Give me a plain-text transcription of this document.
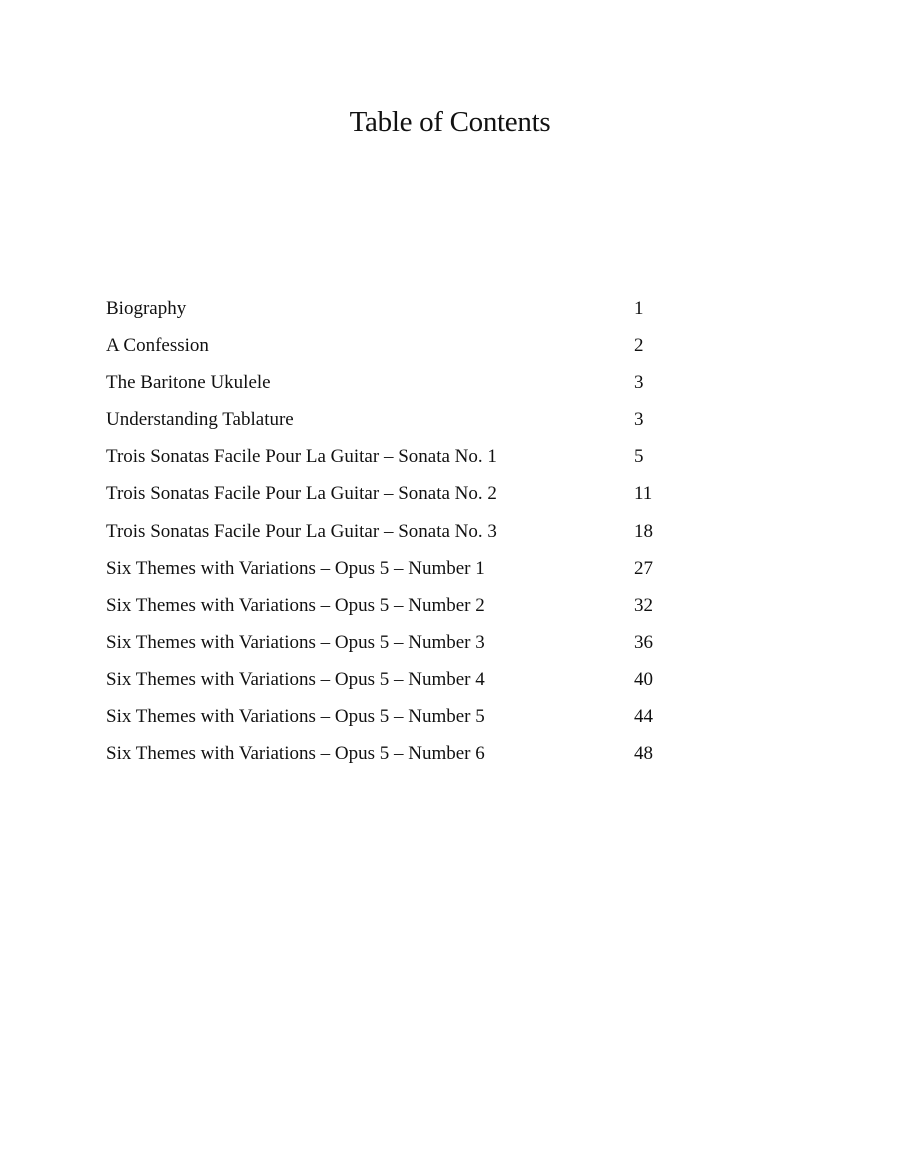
Table of Contents
Biography	1
A Confession	2
The Baritone Ukulele	3
Understanding Tablature	3
Trois Sonatas Facile Pour La Guitar – Sonata No. 1	5
Trois Sonatas Facile Pour La Guitar – Sonata No. 2	11
Trois Sonatas Facile Pour La Guitar – Sonata No. 3	18
Six Themes with Variations – Opus 5 – Number 1	27
Six Themes with Variations – Opus 5 – Number 2	32
Six Themes with Variations – Opus 5 – Number 3	36
Six Themes with Variations – Opus 5 – Number 4	40
Six Themes with Variations – Opus 5 – Number 5	44
Six Themes with Variations – Opus 5 – Number 6	48
